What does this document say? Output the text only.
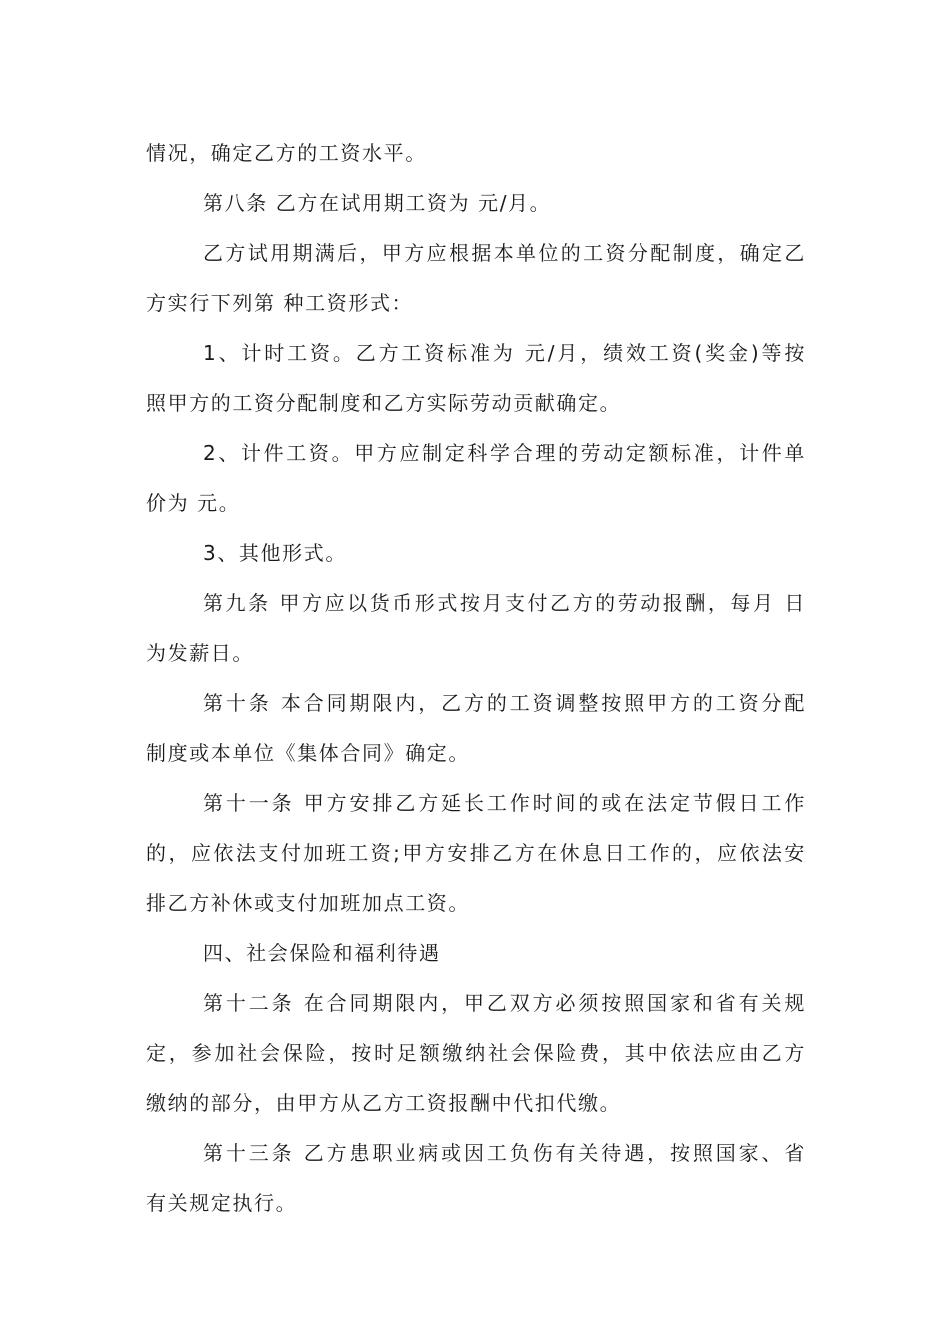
情况，确定乙方的工资水平。
第八条 乙方在试用期工资为 元/月。
乙方试用期满后，甲方应根据本单位的工资分配制度，确定乙
方实行下列第 种工资形式：
1、计时工资。乙方工资标准为 元/月，绩效工资(奖金)等按
照甲方的工资分配制度和乙方实际劳动贡献确定。
2、计件工资。甲方应制定科学合理的劳动定额标准，计件单
价为 元。
3、其他形式。
第九条 甲方应以货币形式按月支付乙方的劳动报酬，每月 日
为发薪日。
第十条 本合同期限内，乙方的工资调整按照甲方的工资分配
制度或本单位《集体合同》确定。
第十一条 甲方安排乙方延长工作时间的或在法定节假日工作
的，应依法支付加班工资;甲方安排乙方在休息日工作的，应依法安
排乙方补休或支付加班加点工资。
四、社会保险和福利待遇
第十二条 在合同期限内，甲乙双方必须按照国家和省有关规
定，参加社会保险，按时足额缴纳社会保险费，其中依法应由乙方
缴纳的部分，由甲方从乙方工资报酬中代扣代缴。
第十三条 乙方患职业病或因工负伤有关待遇，按照国家、省
有关规定执行。
